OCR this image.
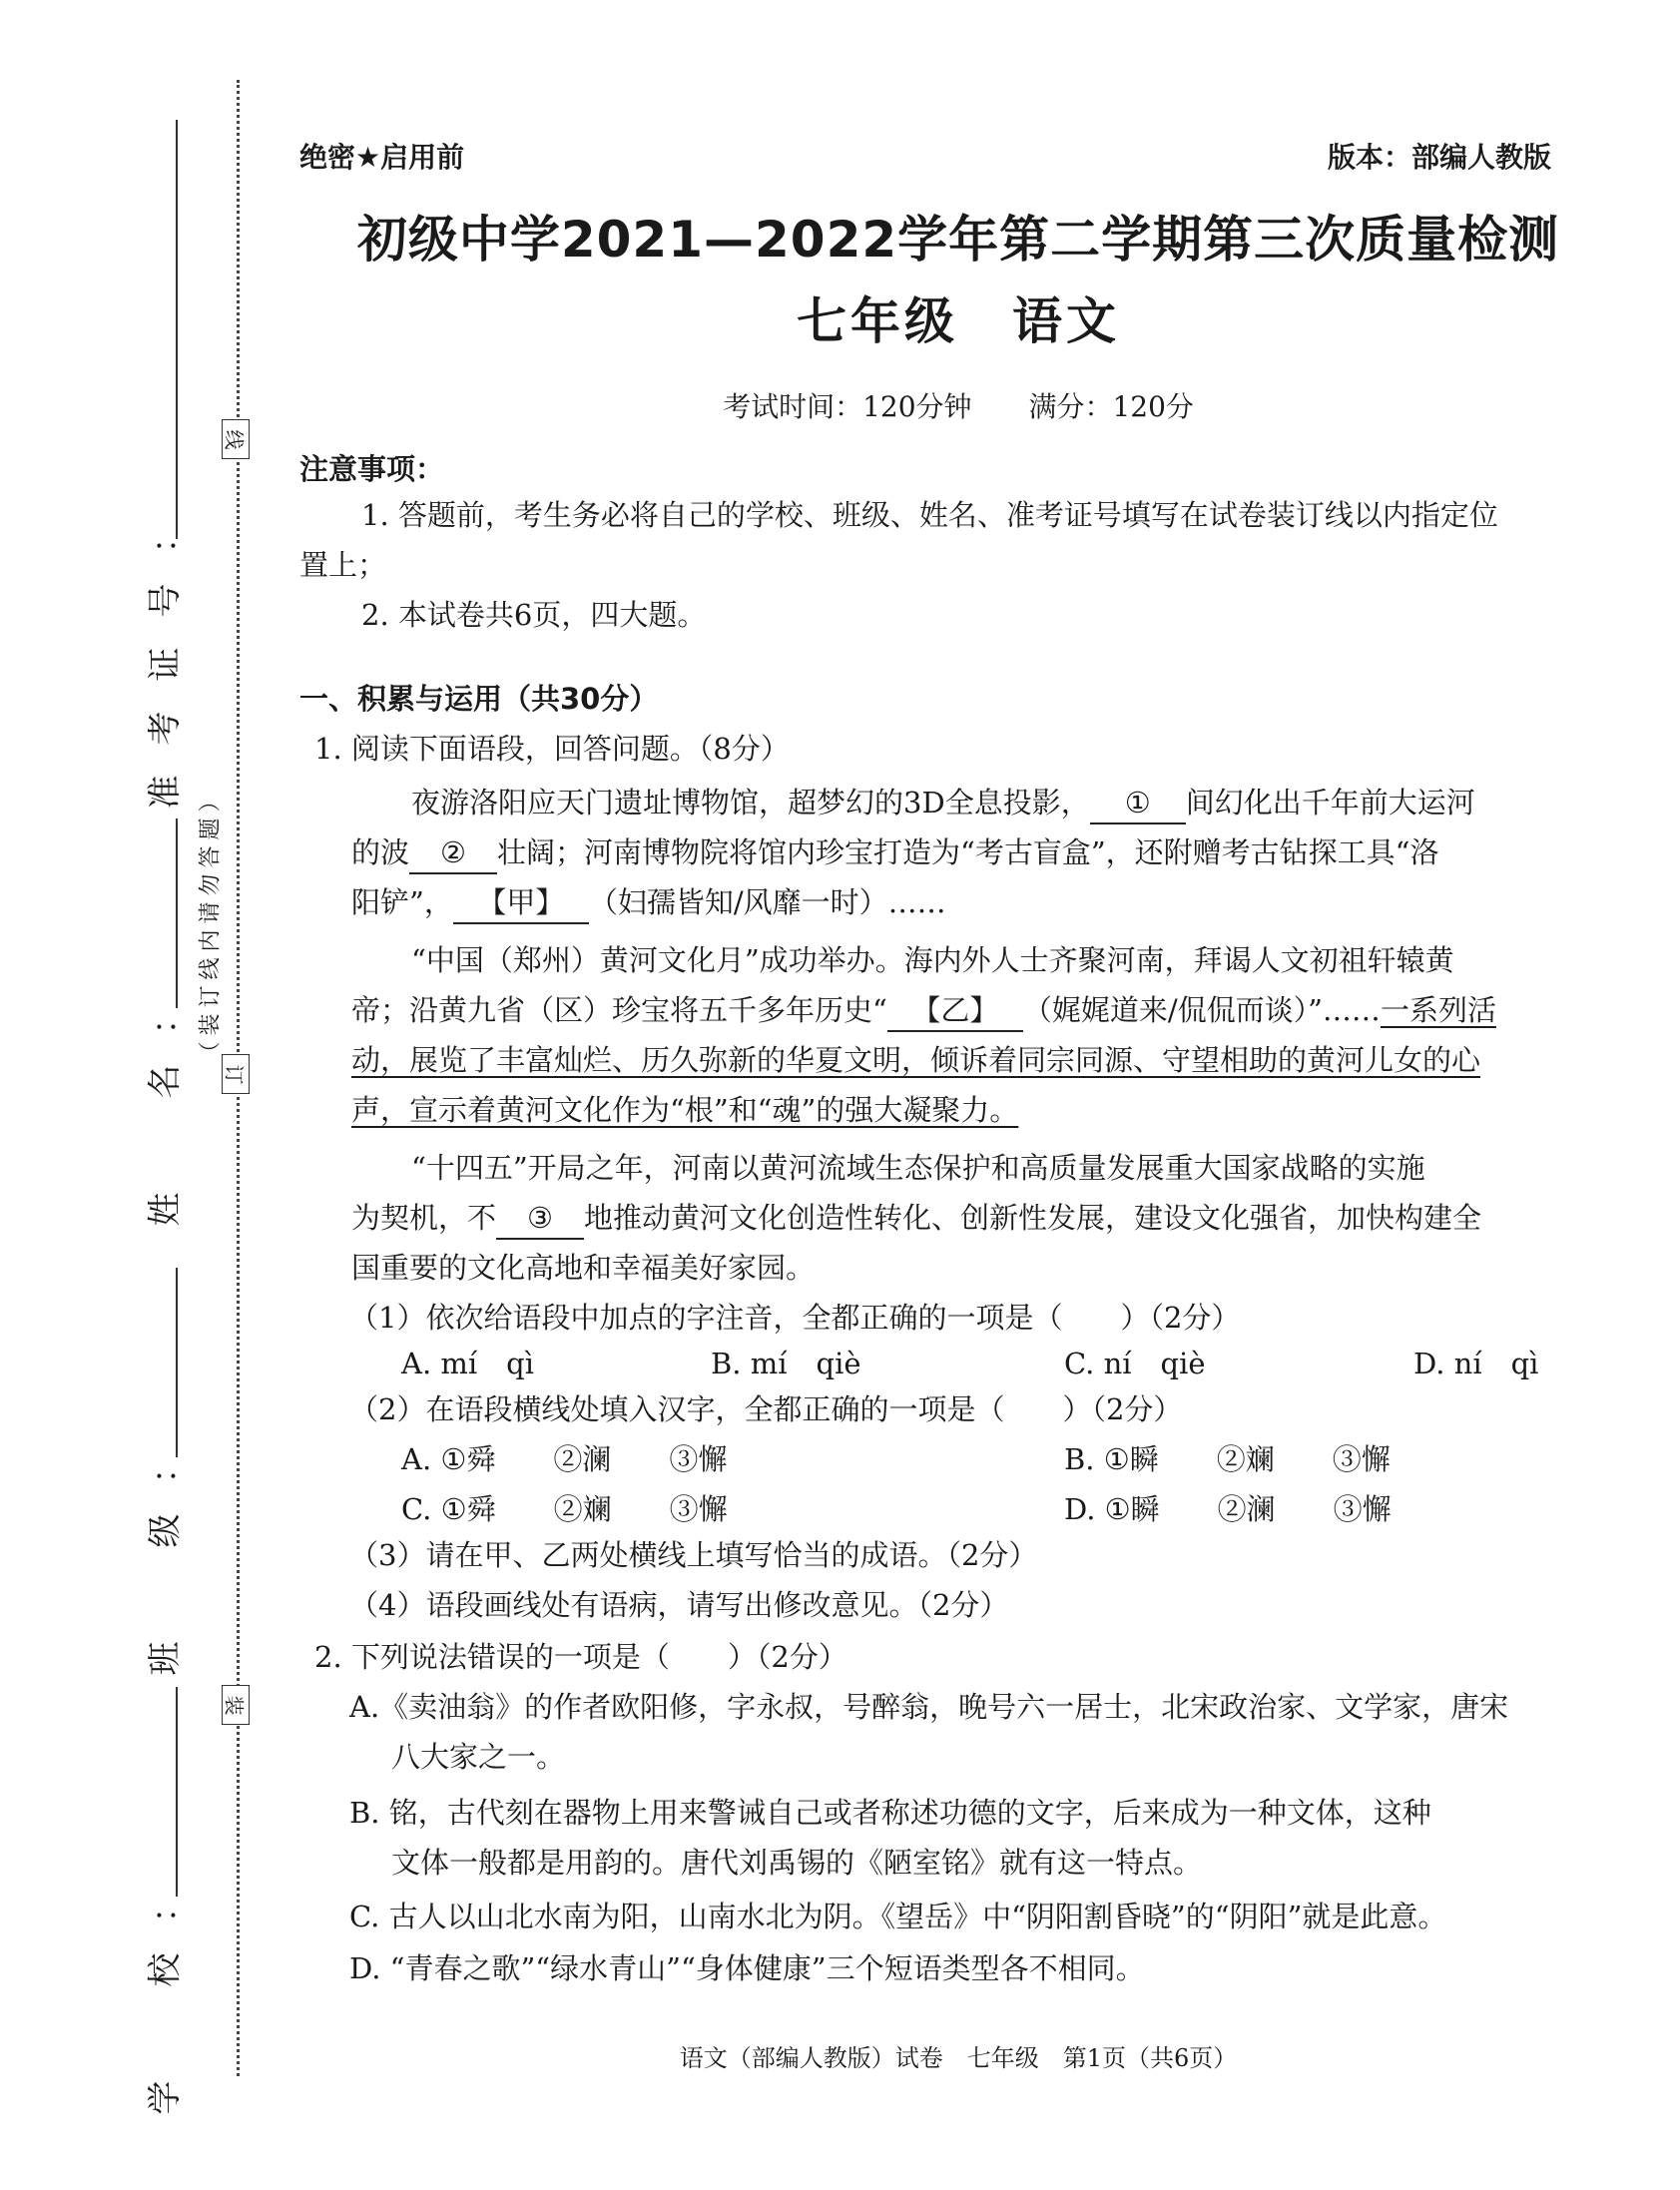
线
订
装
（装订线内请勿答题）
准考证号：
姓　名：
班　级：
学　校：
绝密★启用前	版本：部编人教版
初级中学2021—2022学年第二学期第三次质量检测
七年级　语文
考试时间：120分钟 满分：120分
注意事项：
1. 答题前，考生务必将自己的学校、班级、姓名、准考证号填写在试卷装订线以内指定位
置上；
2. 本试卷共6页，四大题。
一、积累与运用（共30分）
1. 阅读下面语段，回答问题。（8分）
夜游洛阳应天门遗址博物馆，超梦幻的3D全息投影， ① 间幻化出千年前大运河
的波 ② 壮阔；河南博物院将馆内珍宝打造为“考古盲盒”，还附赠考古钻探工具“洛
阳铲”， 【甲】 （妇孺皆知/风靡一时）……
“中国（郑州）黄河文化月”成功举办。海内外人士齐聚河南，拜谒人文初祖轩辕黄
帝；沿黄九省（区）珍宝将五千多年历史“ 【乙】 （娓娓道来/侃侃而谈）”……一系列活
动，展览了丰富灿烂、历久弥新的华夏文明，倾诉着同宗同源、守望相助的黄河儿女的心
声，宣示着黄河文化作为“根”和“魂”的强大凝聚力。
“十四五”开局之年，河南以黄河流域生态保护和高质量发展重大国家战略的实施
为契机，不 ③ 地推动黄河文化创造性转化、创新性发展，建设文化强省，加快构建全
国重要的文化高地和幸福美好家园。
（1）依次给语段中加点的字注音，全都正确的一项是（　　）（2分）
A. mí　qì	B. mí　qiè	C. ní　qiè	D. ní　qì
（2）在语段横线处填入汉字，全都正确的一项是（　　）（2分）
A. ①舜　　②澜　　③懈	B. ①瞬　　②斓　　③懈
C. ①舜　　②斓　　③懈	D. ①瞬　　②澜　　③懈
（3）请在甲、乙两处横线上填写恰当的成语。（2分）
（4）语段画线处有语病，请写出修改意见。（2分）
2. 下列说法错误的一项是（　　）（2分）
A.《卖油翁》的作者欧阳修，字永叔，号醉翁，晚号六一居士，北宋政治家、文学家，唐宋
八大家之一。
B. 铭，古代刻在器物上用来警诫自己或者称述功德的文字，后来成为一种文体，这种
文体一般都是用韵的。唐代刘禹锡的《陋室铭》就有这一特点。
C. 古人以山北水南为阳，山南水北为阴。《望岳》中“阴阳割昏晓”的“阴阳”就是此意。
D. “青春之歌”“绿水青山”“身体健康”三个短语类型各不相同。
语文（部编人教版）试卷　七年级　第1页（共6页）
